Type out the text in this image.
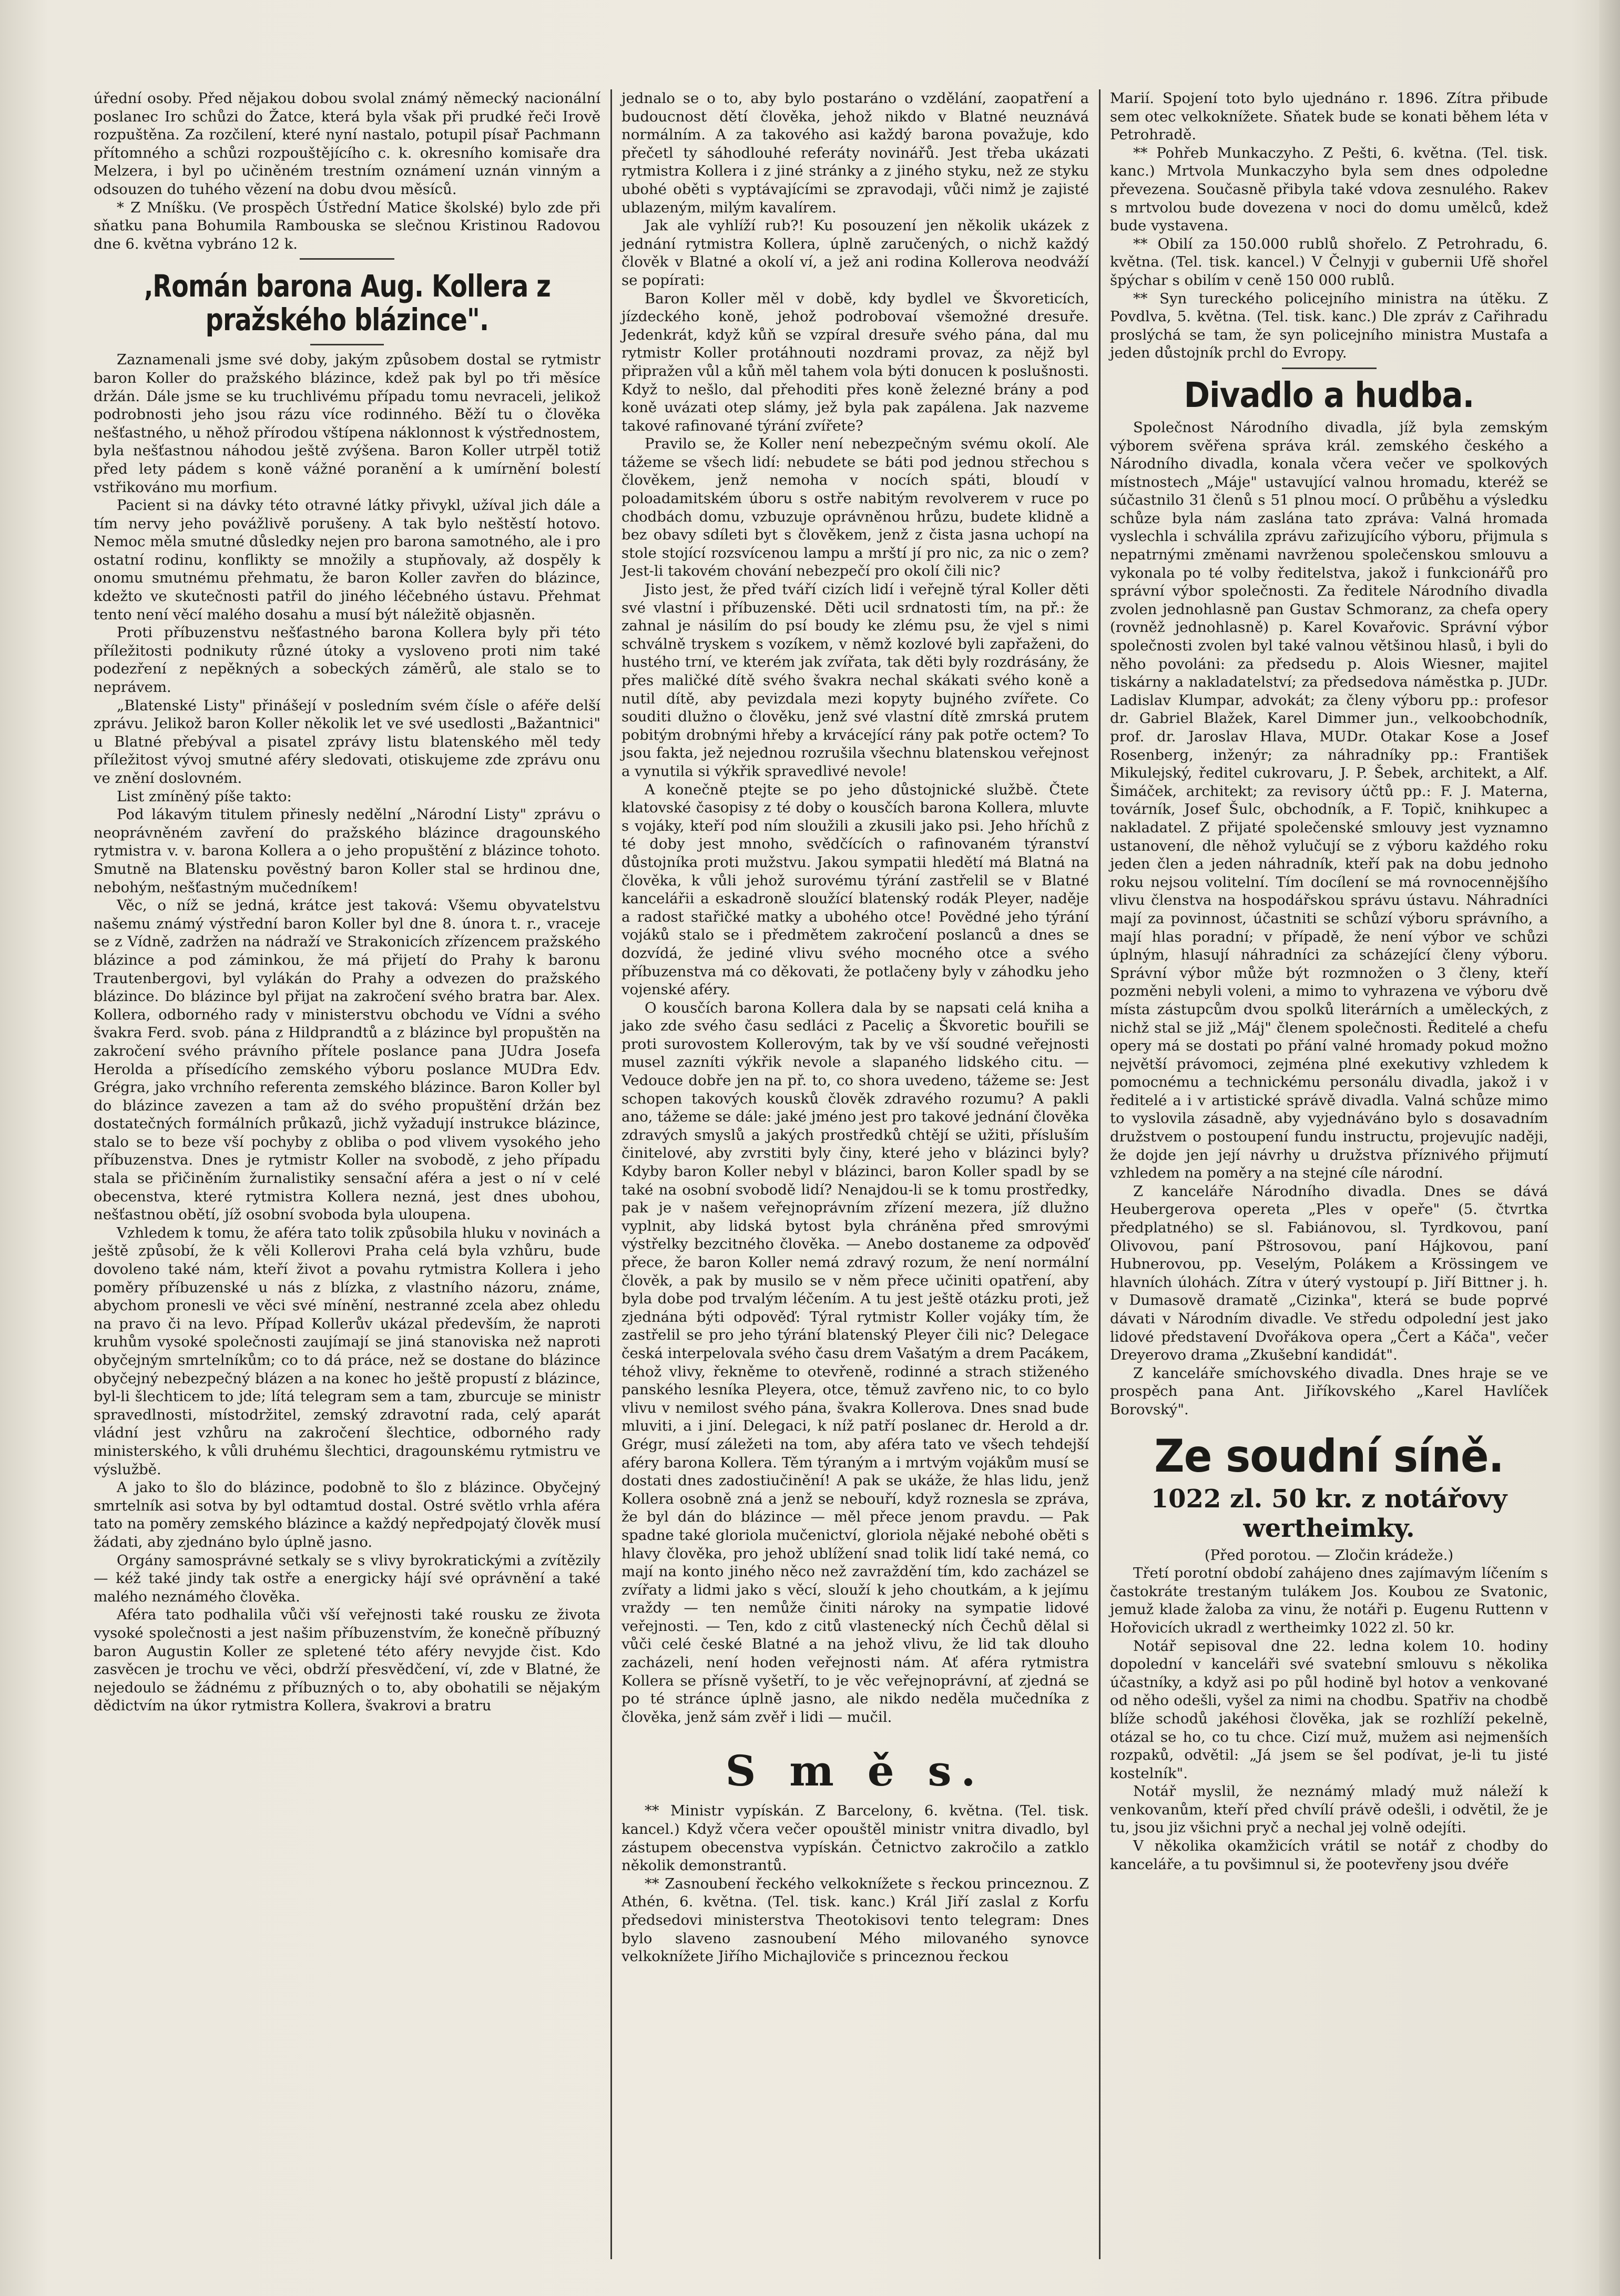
úřední osoby. Před nějakou dobou svolal známý německý nacionální poslanec Iro schůzi do Žatce, která byla však při prudké řeči Irově rozpuštěna. Za rozčilení, které nyní nastalo, potupil písař Pachmann přítomného a schůzi rozpouštějícího c. k. okresního komisaře dra Melzera, i byl po učiněném trestním oznámení uznán vinným a odsouzen do tuhého vězení na dobu dvou měsíců.

* Z Mníšku. (Ve prospěch Ústřední Matice školské) bylo zde při sňatku pana Bohumila Rambouska se slečnou Kristinou Radovou dne 6. května vybráno 12 k.

‚Román barona Aug. Kollera z pražského blázince".

Zaznamenali jsme své doby, jakým způsobem dostal se rytmistr baron Koller do pražského blázince, kdež pak byl po tři měsíce držán. Dále jsme se ku truchlivému případu tomu nevraceli, jelikož podrobnosti jeho jsou rázu více rodinného. Běží tu o člověka nešťastného, u něhož přírodou vštípena náklonnost k výstřednostem, byla nešťastnou náhodou ještě zvýšena. Baron Koller utrpěl totiž před lety pádem s koně vážné poranění a k umírnění bolestí vstřikováno mu morfium.

Pacient si na dávky této otravné látky přivykl, užíval jich dále a tím nervy jeho povážlivě porušeny. A tak bylo neštěstí hotovo. Nemoc měla smutné důsledky nejen pro barona samotného, ale i pro ostatní rodinu, konflikty se množily a stupňovaly, až dospěly k onomu smutnému přehmatu, že baron Koller zavřen do blázince, kdežto ve skutečnosti patřil do jiného léčebného ústavu. Přehmat tento není věcí malého dosahu a musí být náležitě objasněn.

Proti příbuzenstvu nešťastného barona Kollera byly při této příležitosti podnikuty různé útoky a vysloveno proti nim také podezření z nepěkných a sobeckých záměrů, ale stalo se to neprávem.

„Blatenské Listy" přinášejí v posledním svém čísle o aféře delší zprávu. Jelikož baron Koller několik let ve své usedlosti „Bažantnici" u Blatné přebýval a pisatel zprávy listu blatenského měl tedy příležitost vývoj smutné aféry sledovati, otiskujeme zde zprávu onu ve znění doslovném.

List zmíněný píše takto:

Pod lákavým titulem přinesly nedělní „Národní Listy" zprávu o neoprávněném zavření do pražského blázince dragounského rytmistra v. v. barona Kollera a o jeho propuštění z blázince tohoto. Smutně na Blatensku pověstný baron Koller stal se hrdinou dne, nebohým, nešťastným mučedníkem!

Věc, o níž se jedná, krátce jest taková: Všemu obyvatelstvu našemu známý výstřední baron Koller byl dne 8. února t. r., vraceje se z Vídně, zadržen na nádraží ve Strakonicích zřízencem pražského blázince a pod záminkou, že má přijetí do Prahy k baronu Trautenbergovi, byl vylákán do Prahy a odvezen do pražského blázince. Do blázince byl přijat na zakročení svého bratra bar. Alex. Kollera, odborného rady v ministerstvu obchodu ve Vídni a svého švakra Ferd. svob. pána z Hildprandtů a z blázince byl propuštěn na zakročení svého právního přítele poslance pana JUdra Josefa Herolda a přísedícího zemského výboru poslance MUDra Edv. Grégra, jako vrchního referenta zemského blázince. Baron Koller byl do blázince zavezen a tam až do svého propuštění držán bez dostatečných formálních průkazů, jichž vyžadují instrukce blázince, stalo se to beze vší pochyby z obliba o pod vlivem vysokého jeho příbuzenstva. Dnes je rytmistr Koller na svobodě, z jeho případu stala se přičiněním žurnalistiky sensační aféra a jest o ní v celé obecenstva, které rytmistra Kollera nezná, jest dnes ubohou, nešťastnou obětí, jíž osobní svoboda byla uloupena.

Vzhledem k tomu, že aféra tato tolik způsobila hluku v novinách a ještě způsobí, že k věli Kollerovi Praha celá byla vzhůru, bude dovoleno také nám, kteří život a povahu rytmistra Kollera i jeho poměry příbuzenské u nás z blízka, z vlastního názoru, známe, abychom pronesli ve věci své mínění, nestranné zcela abez ohledu na pravo či na levo. Případ Kollerův ukázal především, že naproti kruhům vysoké společnosti zaujímají se jiná stanoviska než naproti obyčejným smrtelníkům; co to dá práce, než se dostane do blázince obyčejný nebezpečný blázen a na konec ho ještě propustí z blázince, byl-li šlechticem to jde; lítá telegram sem a tam, zburcuje se ministr spravedlnosti, místodržitel, zemský zdravotní rada, celý aparát vládní jest vzhůru na zakročení šlechtice, odborného rady ministerského, k vůli druhému šlechtici, dragounskému rytmistru ve výslužbě.

A jako to šlo do blázince, podobně to šlo z blázince. Obyčejný smrtelník asi sotva by byl odtamtud dostal. Ostré světlo vrhla aféra tato na poměry zemského blázince a každý nepředpojatý člověk musí žádati, aby zjednáno bylo úplně jasno.

Orgány samosprávné setkaly se s vlivy byrokratickými a zvítězily — kéž také jindy tak ostře a energicky hájí své oprávnění a také malého neznámého člověka.

Aféra tato podhalila vůči vší veřejnosti také rousku ze života vysoké společnosti a jest našim příbuzenstvím, že konečně příbuzný baron Augustin Koller ze spletené této aféry nevyjde čist. Kdo zasvěcen je trochu ve věci, obdrží přesvědčení, ví, zde v Blatné, že nejedoulo se žádnému z příbuzných o to, aby obohatili se nějakým dědictvím na úkor rytmistra Kollera, švakrovi a bratru

jednalo se o to, aby bylo postaráno o vzdělání, zaopatření a budoucnost dětí člověka, jehož nikdo v Blatné neuznává normálním. A za takového asi každý barona považuje, kdo přečetl ty sáhodlouhé referáty novinářů. Jest třeba ukázati rytmistra Kollera i z jiné stránky a z jiného styku, než ze styku ubohé oběti s vyptávajícími se zpravodaji, vůči nimž je zajisté ublazeným, milým kavalírem.

Jak ale vyhlíží rub?! Ku posouzení jen několik ukázek z jednání rytmistra Kollera, úplně zaručených, o nichž každý člověk v Blatné a okolí ví, a jež ani rodina Kollerova neodváží se popírati:

Baron Koller měl v době, kdy bydlel ve Škvoreticích, jízdeckého koně, jehož podrobovaí všemožné dresuře. Jedenkrát, když kůň se vzpíral dresuře svého pána, dal mu rytmistr Koller protáhnouti nozdrami provaz, za nějž byl připražen vůl a kůň měl tahem vola býti donucen k poslušnosti. Když to nešlo, dal přehoditi přes koně železné brány a pod koně uvázati otep slámy, jež byla pak zapálena. Jak nazveme takové rafinované týrání zvířete?

Pravilo se, že Koller není nebezpečným svému okolí. Ale tážeme se všech lidí: nebudete se báti pod jednou střechou s člověkem, jenž nemoha v nocích spáti, bloudí v poloadamitském úboru s ostře nabitým revolverem v ruce po chodbách domu, vzbuzuje oprávněnou hrůzu, budete klidně a bez obavy sdíleti byt s člověkem, jenž z čista jasna uchopí na stole stojící rozsvícenou lampu a mrští jí pro nic, za nic o zem? Jest-li takovém chování nebezpečí pro okolí čili nic?

Jisto jest, že před tváří cizích lidí i veřejně týral Koller děti své vlastní i příbuzenské. Děti ucil srdnatosti tím, na př.: že zahnal je násilím do psí boudy ke zlému psu, že vjel s nimi schválně tryskem s vozíkem, v němž kozlové byli zapřaženi, do hustého trní, ve kterém jak zvířata, tak děti byly rozdrásány, že přes maličké dítě svého švakra nechal skákati svého koně a nutil dítě, aby pevizdala mezi kopyty bujného zvířete. Co souditi dlužno o člověku, jenž své vlastní dítě zmrská prutem pobitým drobnými hřeby a krvácející rány pak potře octem? To jsou fakta, jež nejednou rozrušila všechnu blatenskou veřejnost a vynutila si výkřik spravedlivé nevole!

A konečně ptejte se po jeho důstojnické službě. Čtete klatovské časopisy z té doby o kousčích barona Kollera, mluvte s vojáky, kteří pod ním sloužili a zkusili jako psi. Jeho hříchů z té doby jest mnoho, svědčících o rafinovaném týranství důstojníka proti mužstvu. Jakou sympatii hledětí má Blatná na člověka, k vůli jehož surovému týrání zastřelil se v Blatné kancelářii a eskadroně sloužící blatenský rodák Pleyer, naděje a radost stařičké matky a ubohého otce! Povědné jeho týrání vojáků stalo se i předmětem zakročení poslanců a dnes se dozvídá, že jediné vlivu svého mocného otce a svého příbuzenstva má co děkovati, že potlačeny byly v záhodku jeho vojenské aféry.

O kousčích barona Kollera dala by se napsati celá kniha a jako zde svého času sedláci z Paceliç a Škvoretic bouřili se proti surovostem Kollerovým, tak by ve vší soudné veřejnosti musel zazníti výkřik nevole a slapaného lidského citu. — Vedouce dobře jen na př. to, co shora uvedeno, tážeme se: Jest schopen takových kousků člověk zdravého rozumu? A pakli ano, tážeme se dále: jaké jméno jest pro takové jednání člověka zdravých smyslů a jakých prostředků chtějí se užiti, přísluším činitelové, aby zvrstiti byly činy, které jeho v blázinci byly? Kdyby baron Koller nebyl v blázinci, baron Koller spadl by se také na osobní svobodě lidí? Nenajdou-li se k tomu prostředky, pak je v našem veřejnoprávním zřízení mezera, jíž dlužno vyplnit, aby lidská bytost byla chráněna před smrovými výstřelky bezcitného člověka. — Anebo dostaneme za odpověď přece, že baron Koller nemá zdravý rozum, že není normální člověk, a pak by musilo se v něm přece učiniti opatření, aby byla dobe pod trvalým léčením. A tu jest ještě otázku proti, jež zjednána býti odpověď: Týral rytmistr Koller vojáky tím, že zastřelil se pro jeho týrání blatenský Pleyer čili nic? Delegace česká interpelovala svého času drem Vašatým a drem Pacákem, téhož vlivy, řekněme to otevřeně, rodinné a strach stiženého panského lesníka Pleyera, otce, těmuž zavřeno nic, to co bylo vlivu v nemilost svého pána, švakra Kollerova. Dnes snad bude mluviti, a i jiní. Delegaci, k níž patří poslanec dr. Herold a dr. Grégr, musí záležeti na tom, aby aféra tato ve všech tehdejší aféry barona Kollera. Těm týraným a i mrtvým vojákům musí se dostati dnes zadostiučinění! A pak se ukáže, že hlas lidu, jenž Kollera osobně zná a jenž se nebouří, když roznesla se zpráva, že byl dán do blázince — měl přece jenom pravdu. — Pak spadne také gloriola mučenictví, gloriola nějaké nebohé oběti s hlavy člověka, pro jehož ublížení snad tolik lidí také nemá, co mají na konto jiného něco než zavraždění tím, kdo zacházel se zvířaty a lidmi jako s věcí, slouží k jeho choutkám, a k jejímu vraždy — ten nemůže činiti nároky na sympatie lidové veřejnosti. — Ten, kdo z citů vlastenecký ních Čechů dělal si vůči celé české Blatné a na jehož vlivu, že lid tak dlouho zacházeli, není hoden veřejnosti nám. Ať aféra rytmistra Kollera se přísně vyšetří, to je věc veřejnoprávní, ať zjedná se po té stránce úplně jasno, ale nikdo neděla mučedníka z člověka, jenž sám zvěř i lidi — mučil.

S m ě s.

** Ministr vypískán. Z Barcelony, 6. května. (Tel. tisk. kancel.) Když včera večer opouštěl ministr vnitra divadlo, byl zástupem obecenstva vypískán. Četnictvo zakročilo a zatklo několik demonstrantů.

** Zasnoubení řeckého velkoknížete s řeckou princeznou. Z Athén, 6. května. (Tel. tisk. kanc.) Král Jiří zaslal z Korfu předsedovi ministerstva Theotokisovi tento telegram: Dnes bylo slaveno zasnoubení Mého milovaného synovce velkoknížete Jiřího Michajloviče s princeznou řeckou

Marií. Spojení toto bylo ujednáno r. 1896. Zítra přibude sem otec velkoknížete. Sňatek bude se konati během léta v Petrohradě.

** Pohřeb Munkaczyho. Z Pešti, 6. května. (Tel. tisk. kanc.) Mrtvola Munkaczyho byla sem dnes odpoledne převezena. Současně přibyla také vdova zesnulého. Rakev s mrtvolou bude dovezena v noci do domu umělců, kdež bude vystavena.

** Obilí za 150.000 rublů shořelo. Z Petrohradu, 6. května. (Tel. tisk. kancel.) V Čelnyji v gubernii Ufě shořel špýchar s obilím v ceně 150 000 rublů.

** Syn tureckého policejního ministra na útěku. Z Povdlva, 5. května. (Tel. tisk. kanc.) Dle zpráv z Cařihradu proslýchá se tam, že syn policejního ministra Mustafa a jeden důstojník prchl do Evropy.

Divadlo a hudba.

Společnost Národního divadla, jíž byla zemským výborem svěřena správa král. zemského českého a Národního divadla, konala včera večer ve spolkových místnostech „Máje" ustavující valnou hromadu, kteréž se súčastnilo 31 členů s 51 plnou mocí. O průběhu a výsledku schůze byla nám zaslána tato zpráva: Valná hromada vyslechla i schválila zprávu zařizujícího výboru, přijmula s nepatrnými změnami navrženou společenskou smlouvu a vykonala po té volby ředitelstva, jakož i funkcionářů pro správní výbor společnosti. Za ředitele Národního divadla zvolen jednohlasně pan Gustav Schmoranz, za chefa opery (rovněž jednohlasně) p. Karel Kovařovic. Správní výbor společnosti zvolen byl také valnou většinou hlasů, i byli do něho povoláni: za předsedu p. Alois Wiesner, majitel tiskárny a nakladatelství; za předsedova náměstka p. JUDr. Ladislav Klumpar, advokát; za členy výboru pp.: profesor dr. Gabriel Blažek, Karel Dimmer jun., velkoobchodník, prof. dr. Jaroslav Hlava, MUDr. Otakar Kose a Josef Rosenberg, inženýr; za náhradníky pp.: František Mikulejský, ředitel cukrovaru, J. P. Šebek, architekt, a Alf. Šimáček, architekt; za revisory účtů pp.: F. J. Materna, továrník, Josef Šulc, obchodník, a F. Topič, knihkupec a nakladatel. Z přijaté společenské smlouvy jest vyznamno ustanovení, dle něhož vylučují se z výboru každého roku jeden člen a jeden náhradník, kteří pak na dobu jednoho roku nejsou volitelní. Tím docílení se má rovnocennějšího vlivu členstva na hospodářskou správu ústavu. Náhradníci mají za povinnost, účastniti se schůzí výboru správního, a mají hlas poradní; v případě, že není výbor ve schůzi úplným, hlasují náhradníci za scházející členy výboru. Správní výbor může být rozmnožen o 3 členy, kteří pozměni nebyli voleni, a mimo to vyhrazena ve výboru dvě místa zástupcům dvou spolků literárních a uměleckých, z nichž stal se již „Máj" členem společnosti. Ředitelé a chefu opery má se dostati po přání valné hromady pokud možno největší právomoci, zejména plné exekutivy vzhledem k pomocnému a technickému personálu divadla, jakož i v ředitelé a i v artistické správě divadla. Valná schůze mimo to vyslovila zásadně, aby vyjednáváno bylo s dosavadním družstvem o postoupení fundu instructu, projevujíc naději, že dojde jen její návrhy u družstva příznivého přijmutí vzhledem na poměry a na stejné cíle národní.

Z kanceláře Národního divadla. Dnes se dává Heubergerova opereta „Ples v opeře" (5. čtvrtka předplatného) se sl. Fabiánovou, sl. Tyrdkovou, paní Olivovou, paní Pštrosovou, paní Hájkovou, paní Hubnerovou, pp. Veselým, Polákem a Krössingem ve hlavních úlohách. Zítra v úterý vystoupí p. Jiří Bittner j. h. v Dumasově dramatě „Cizinka", která se bude poprvé dávati v Národním divadle. Ve středu odpolední jest jako lidové představení Dvořákova opera „Čert a Káča", večer Dreyerovo drama „Zkušební kandidát".

Z kanceláře smíchovského divadla. Dnes hraje se ve prospěch pana Ant. Jiříkovského „Karel Havlíček Borovský".

Ze soudní síně.
1022 zl. 50 kr. z notářovy wertheimky.

(Před porotou. — Zločin krádeže.)

Třetí porotní období zahájeno dnes zajímavým líčením s častokráte trestaným tulákem Jos. Koubou ze Svatonic, jemuž klade žaloba za vinu, že notáři p. Eugenu Ruttenn v Hořovicích ukradl z wertheimky 1022 zl. 50 kr.

Notář sepisoval dne 22. ledna kolem 10. hodiny dopolední v kanceláři své svatební smlouvu s několika účastníky, a když asi po půl hodině byl hotov a venkované od něho odešli, vyšel za nimi na chodbu. Spatřiv na chodbě blíže schodů jakéhosi člověka, jak se rozhlíží pekelně, otázal se ho, co tu chce. Cizí muž, mužem asi nejmenších rozpaků, odvětil: „Já jsem se šel podívat, je-li tu jisté kostelník".

Notář myslil, že neznámý mladý muž náleží k venkovanům, kteří před chvílí právě odešli, i odvětil, že je tu, jsou jiz všichni pryč a nechal jej volně odejíti.

V několika okamžicích vrátil se notář z chodby do kanceláře, a tu povšimnul si, že pootevřeny jsou dvéře
